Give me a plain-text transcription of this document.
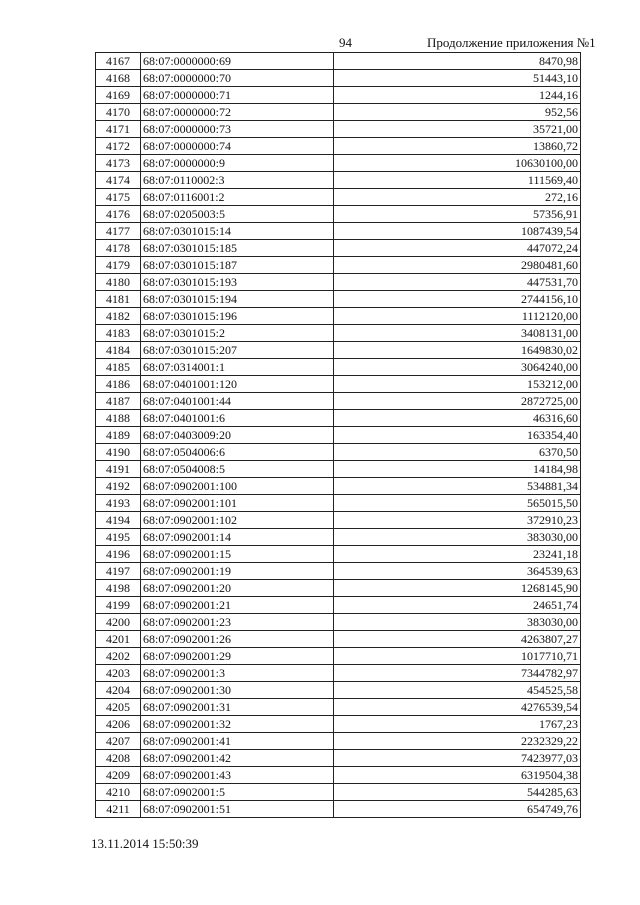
94	Продолжение приложения №1
4167	68:07:0000000:69	8470,98
4168	68:07:0000000:70	51443,10
4169	68:07:0000000:71	1244,16
4170	68:07:0000000:72	952,56
4171	68:07:0000000:73	35721,00
4172	68:07:0000000:74	13860,72
4173	68:07:0000000:9	10630100,00
4174	68:07:0110002:3	111569,40
4175	68:07:0116001:2	272,16
4176	68:07:0205003:5	57356,91
4177	68:07:0301015:14	1087439,54
4178	68:07:0301015:185	447072,24
4179	68:07:0301015:187	2980481,60
4180	68:07:0301015:193	447531,70
4181	68:07:0301015:194	2744156,10
4182	68:07:0301015:196	1112120,00
4183	68:07:0301015:2	3408131,00
4184	68:07:0301015:207	1649830,02
4185	68:07:0314001:1	3064240,00
4186	68:07:0401001:120	153212,00
4187	68:07:0401001:44	2872725,00
4188	68:07:0401001:6	46316,60
4189	68:07:0403009:20	163354,40
4190	68:07:0504006:6	6370,50
4191	68:07:0504008:5	14184,98
4192	68:07:0902001:100	534881,34
4193	68:07:0902001:101	565015,50
4194	68:07:0902001:102	372910,23
4195	68:07:0902001:14	383030,00
4196	68:07:0902001:15	23241,18
4197	68:07:0902001:19	364539,63
4198	68:07:0902001:20	1268145,90
4199	68:07:0902001:21	24651,74
4200	68:07:0902001:23	383030,00
4201	68:07:0902001:26	4263807,27
4202	68:07:0902001:29	1017710,71
4203	68:07:0902001:3	7344782,97
4204	68:07:0902001:30	454525,58
4205	68:07:0902001:31	4276539,54
4206	68:07:0902001:32	1767,23
4207	68:07:0902001:41	2232329,22
4208	68:07:0902001:42	7423977,03
4209	68:07:0902001:43	6319504,38
4210	68:07:0902001:5	544285,63
4211	68:07:0902001:51	654749,76
13.11.2014 15:50:39
